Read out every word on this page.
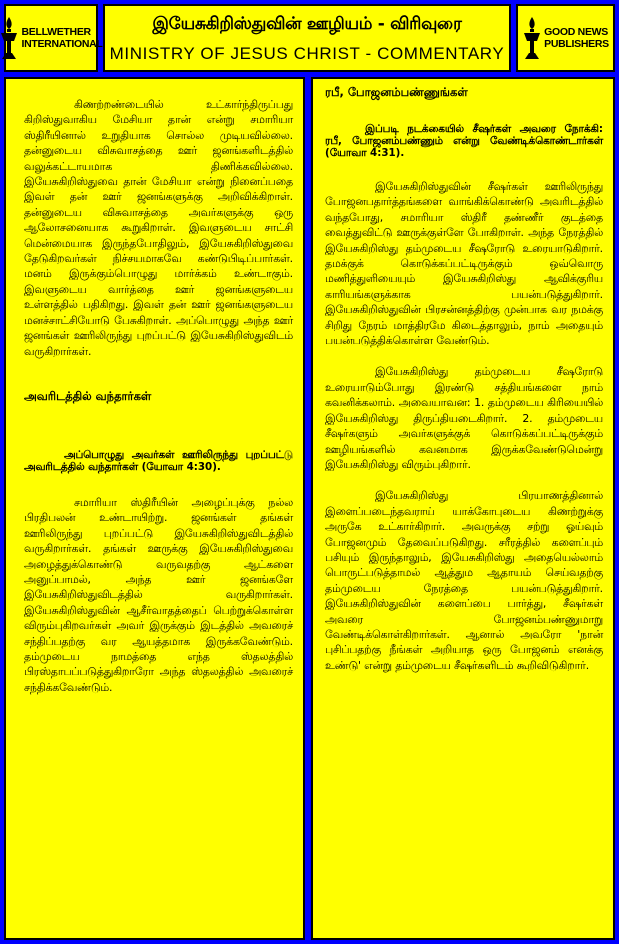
BELLWETHER
INTERNATIONAL
இயேசுகிறிஸ்துவின் ஊழியம் - விரிவுரை
MINISTRY OF JESUS CHRIST - COMMENTARY
GOOD NEWS
PUBLISHERS

கிணற்றண்டையில் உட்கார்ந்திருப்பது கிறிஸ்துவாகிய மேசியா தான் என்று சமாரியா ஸ்திரீயினால் உறுதியாக சொல்ல முடியவில்லை. தன்னுடைய விசுவாசத்தை ஊர் ஜனங்களிடத்தில் வலுக்கட்டாயமாக திணிக்கவில்லை. இயேசுகிறிஸ்துவை தான் மேசியா என்று நினைப்பதை இவள் தன் ஊர் ஜனங்களுக்கு அறிவிக்கிறாள். தன்னுடைய விசுவாசத்தை அவர்களுக்கு ஒரு ஆலோசனையாக கூறுகிறாள். இவளுடைய சாட்சி மென்மையாக இருந்தபோதிலும், இயேசுகிறிஸ்துவை தேடுகிறவர்கள் நிச்சயமாகவே கண்டுபிடிப்பார்கள். மனம் இருக்கும்பொழுது மார்க்கம் உண்டாகும். இவளுடைய வார்த்தை ஊர் ஜனங்களுடைய உள்ளத்தில் பதிகிறது. இவள் தன் ஊர் ஜனங்களுடைய மனச்சாட்சியோடு பேசுகிறாள். அப்பொழுது அந்த ஊர் ஜனங்கள் ஊரிலிருந்து புறப்பட்டு இயேசுகிறிஸ்துவிடம் வருகிறார்கள்.

அவரிடத்தில் வந்தார்கள்

அப்பொழுது அவர்கள் ஊரிலிருந்து புறப்பட்டு அவரிடத்தில் வந்தார்கள் (யோவா 4:30).

சமாரியா ஸ்திரீயின் அழைப்புக்கு நல்ல பிரதிபலன் உண்டாயிற்று. ஜனங்கள் தங்கள் ஊரிலிருந்து புறப்பட்டு இயேசுகிறிஸ்துவிடத்தில் வருகிறார்கள். தங்கள் ஊருக்கு இயேசுகிறிஸ்துவை அழைத்துக்கொண்டு வருவதற்கு ஆட்களை அனுப்பாமல், அந்த ஊர் ஜனங்களே இயேசுகிறிஸ்துவிடத்தில் வருகிறார்கள். இயேசுகிறிஸ்துவின் ஆசீர்வாதத்தைப் பெற்றுக்கொள்ள விரும்புகிறவர்கள் அவர் இருக்கும் இடத்தில் அவரைச் சந்திப்பதற்கு வர ஆயத்தமாக இருக்கவேண்டும். தம்முடைய நாமத்தை எந்த ஸ்தலத்தில் பிரஸ்தாபப்படுத்துகிறாரோ அந்த ஸ்தலத்தில் அவரைச் சந்திக்கவேண்டும்.

ரபீ, போஜனம்பண்ணுங்கள்

இப்படி நடக்கையில் சீஷர்கள் அவரை நோக்கி: ரபீ, போஜனம்பண்ணும் என்று வேண்டிக்கொண்டார்கள் (யோவா 4:31).

இயேசுகிறிஸ்துவின் சீஷர்கள் ஊரிலிருந்து போஜனபதார்த்தங்களை வாங்கிக்கொண்டு அவரிடத்தில் வந்தபோது, சமாரியா ஸ்திரீ தண்ணீர் குடத்தை வைத்துவிட்டு ஊருக்குள்ளே போகிறாள். அந்த நேரத்தில் இயேசுகிறிஸ்து தம்முடைய சீஷரோடு உரையாடுகிறார். தமக்குக் கொடுக்கப்பட்டிருக்கும் ஒவ்வொரு மணித்துளியையும் இயேசுகிறிஸ்து ஆவிக்குரிய காரியங்களுக்காக பயன்படுத்துகிறார். இயேசுகிறிஸ்துவின் பிரசன்னத்திற்கு முன்பாக வர நமக்கு சிறிது நேரம் மாத்திரமே கிடைத்தாலும், நாம் அதையும் பயன்படுத்திக்கொள்ள வேண்டும்.

இயேசுகிறிஸ்து தம்முடைய சீஷரோடு உரையாடும்போது இரண்டு சத்தியங்களை நாம் கவனிக்கலாம். அவையாவன: 1. தம்முடைய கிரியையில் இயேசுகிறிஸ்து திருப்தியடைகிறார். 2. தம்முடைய சீஷர்களும் அவர்களுக்குக் கொடுக்கப்பட்டிருக்கும் ஊழியங்களில் கவனமாக இருக்கவேண்டுமென்று இயேசுகிறிஸ்து விரும்புகிறார்.

இயேசுகிறிஸ்து பிரயாணத்தினால் இளைப்படைந்தவராய் யாக்கோபுடைய கிணற்றுக்கு அருகே உட்கார்கிறார். அவருக்கு சற்று ஓய்வும் போஜனமும் தேவைப்படுகிறது. சரீரத்தில் களைப்பும் பசியும் இருந்தாலும், இயேசுகிறிஸ்து அதையெல்லாம் பொருட்படுத்தாமல் ஆத்தும ஆதாயம் செய்வதற்கு தம்முடைய நேரத்தை பயன்படுத்துகிறார். இயேசுகிறிஸ்துவின் களைப்பை பார்த்து, சீஷர்கள் அவரை போஜனம்பண்ணுமாறு வேண்டிக்கொள்கிறார்கள். ஆனால் அவரோ 'நான் புசிப்பதற்கு நீங்கள் அறியாத ஒரு போஜனம் எனக்கு உண்டு' என்று தம்முடைய சீஷர்களிடம் கூறிவிடுகிறார்.
